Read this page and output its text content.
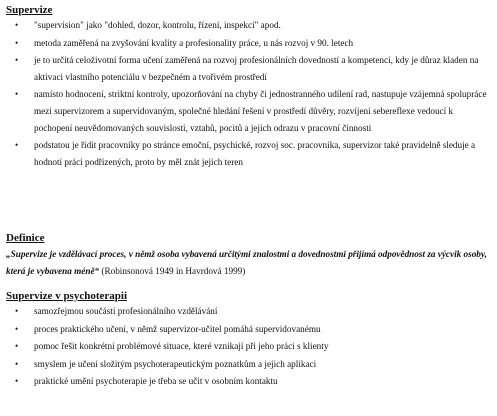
Supervize

• "supervision" jako "dohled, dozor, kontrolu, řízení, inspekci" apod.
• metoda zaměřená na zvyšování kvality a profesionality práce, u nás rozvoj v 90. letech
• je to určitá celoživotní forma učení zaměřená na rozvoj profesionálních dovedností a kompetencí, kdy je důraz kladen na aktivaci vlastního potenciálu v bezpečném a tvořivém prostředí
• namísto hodnocení, striktní kontroly, upozorňování na chyby či jednostranného udílení rad, nastupuje vzájemná spolupráce mezi supervizorem a supervidovaným, společné hledání řešení v prostředí důvěry, rozvíjení sebereflexe vedoucí k pochopení neuvědomovaných souvislostí, vztahů, pocitů a jejich odrazu v pracovní činnosti
• podstatou je řídit pracovníky po stránce emoční, psychické, rozvoj soc. pracovníka, supervizor také pravidelně sleduje a hodnotí práci podřízených, proto by měl znát jejich teren

Definice

„Supervize je vzdělávací proces, v němž osoba vybavená určitými znalostmi a dovednostmi přijímá odpovědnost za výcvik osoby, která je vybavena méně“ (Robinsonová 1949 in Havrdová 1999)

Supervize v psychoterapii

• samozřejmou součástí profesionálního vzdělávání
• proces praktického učení, v němž supervizor-učitel pomáhá supervidovanému
• pomoc řešit konkrétní problémové situace, které vznikají při jeho práci s klienty
• smyslem je učení složitým psychoterapeutickým poznatkům a jejich aplikaci
• praktické umění psychoterapie je třeba se učit v osobním kontaktu
